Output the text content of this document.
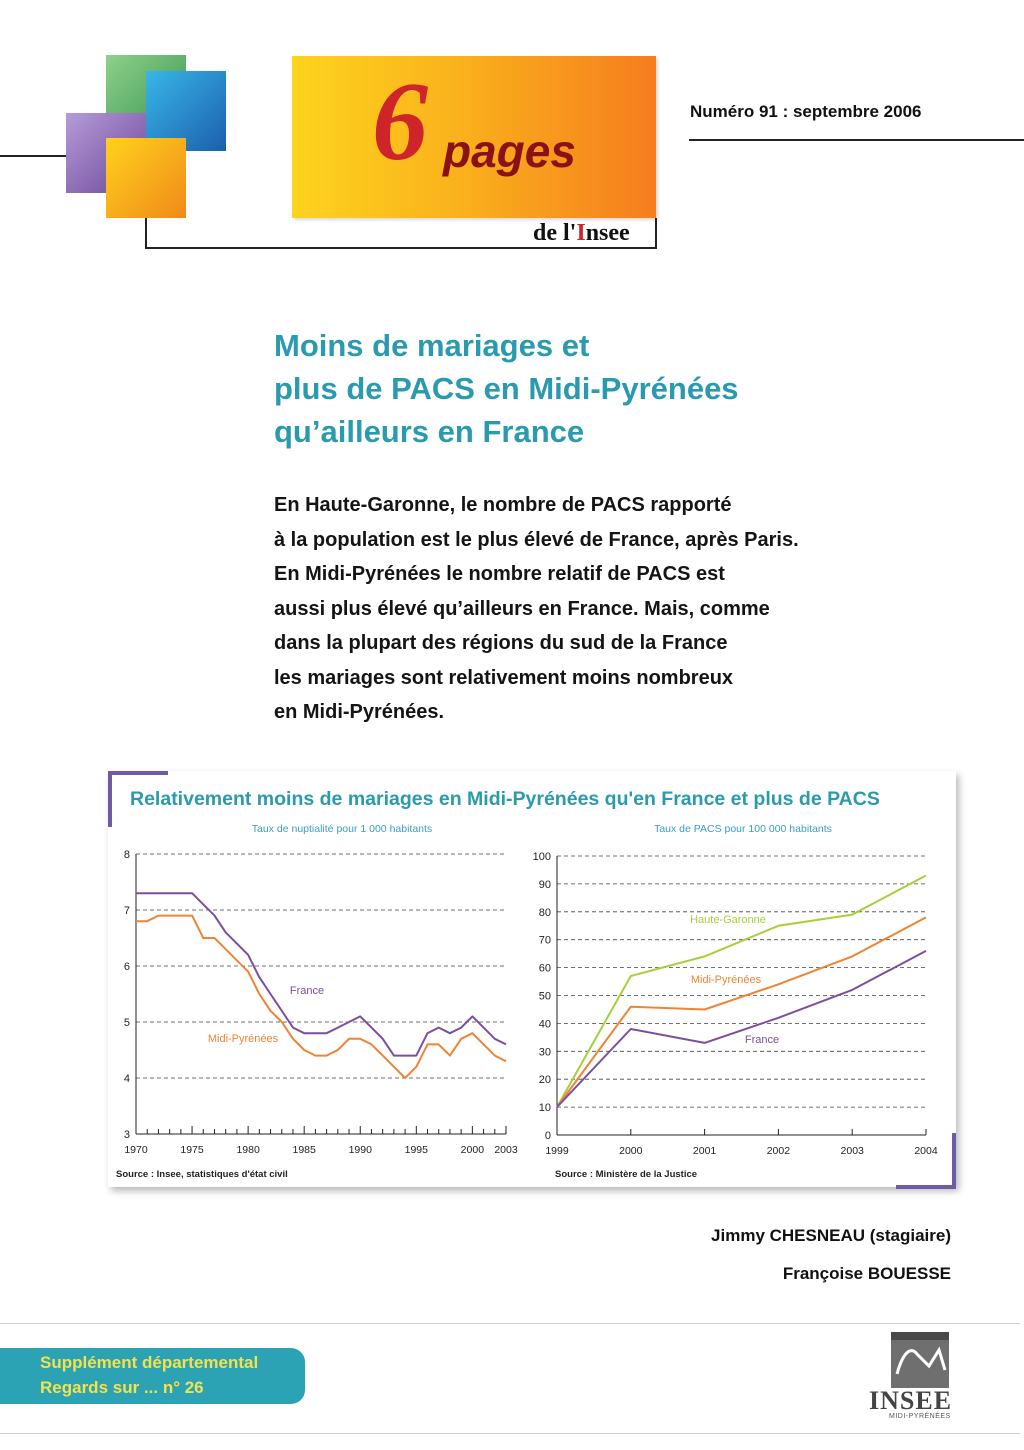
6 pages
de l'Insee
Numéro 91 : septembre 2006
Moins de mariages et
plus de PACS en Midi-Pyrénées
qu’ailleurs en France
En Haute-Garonne, le nombre de PACS rapporté
à la population est le plus élevé de France, après Paris.
En Midi-Pyrénées le nombre relatif de PACS est
aussi plus élevé qu’ailleurs en France. Mais, comme
dans la plupart des régions du sud de la France
les mariages sont relativement moins nombreux
en Midi-Pyrénées.
Relativement moins de mariages en Midi-Pyrénées qu'en France et plus de PACS
Taux de nuptialité pour 1 000 habitants
8
7
6
5
4
3
1970	1975	1980	1985	1990	1995	2000 2003
France
Midi-Pyrénées
Source : Insee, statistiques d'état civil
Taux de PACS pour 100 000 habitants
100
90
80
70
60
50
40
30
20
10
0
1999	2000	2001	2002	2003	2004
Haute-Garonne
Midi-Pyrénées
France
Source : Ministère de la Justice
Jimmy CHESNEAU (stagiaire)
Françoise BOUESSE
Supplément départemental
Regards sur ... n° 26	INSEE
MIDI-PYRÉNÉES
